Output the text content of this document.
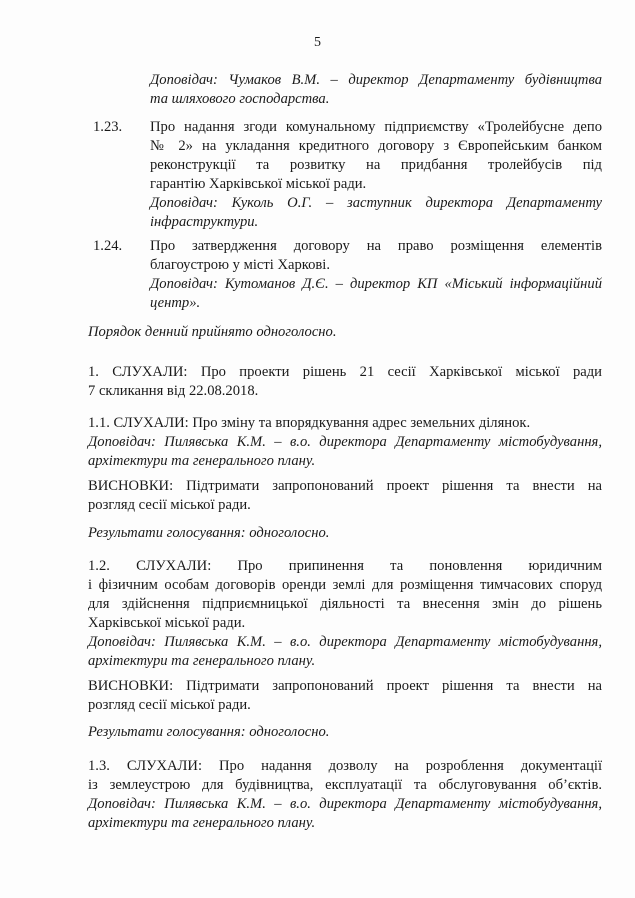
5
Доповідач: Чумаков В.М. – директор Департаменту будівництва
та шляхового господарства.
1.23.	Про надання згоди комунальному підприємству «Тролейбусне депо
№ 2» на укладання кредитного договору з Європейським банком
реконструкції та розвитку на придбання тролейбусів під
гарантію Харківської міської ради.
Доповідач: Куколь О.Г. – заступник директора Департаменту
інфраструктури.
1.24.	Про затвердження договору на право розміщення елементів
благоустрою у місті Харкові.
Доповідач: Кутоманов Д.Є. – директор КП «Міський інформаційний
центр».
Порядок денний прийнято одноголосно.
1. СЛУХАЛИ: Про проекти рішень 21 сесії Харківської міської ради
7 скликання від 22.08.2018.
1.1. СЛУХАЛИ: Про зміну та впорядкування адрес земельних ділянок.
Доповідач: Пилявська К.М. – в.о. директора Департаменту містобудування,
архітектури та генерального плану.
ВИСНОВКИ: Підтримати запропонований проект рішення та внести на
розгляд сесії міської ради.
Результати голосування: одноголосно.
1.2. СЛУХАЛИ: Про припинення та поновлення юридичним
і фізичним особам договорів оренди землі для розміщення тимчасових споруд
для здійснення підприємницької діяльності та внесення змін до рішень
Харківської міської ради.
Доповідач: Пилявська К.М. – в.о. директора Департаменту містобудування,
архітектури та генерального плану.
ВИСНОВКИ: Підтримати запропонований проект рішення та внести на
розгляд сесії міської ради.
Результати голосування: одноголосно.
1.3. СЛУХАЛИ: Про надання дозволу на розроблення документації
із землеустрою для будівництва, експлуатації та обслуговування об’єктів.
Доповідач: Пилявська К.М. – в.о. директора Департаменту містобудування,
архітектури та генерального плану.
